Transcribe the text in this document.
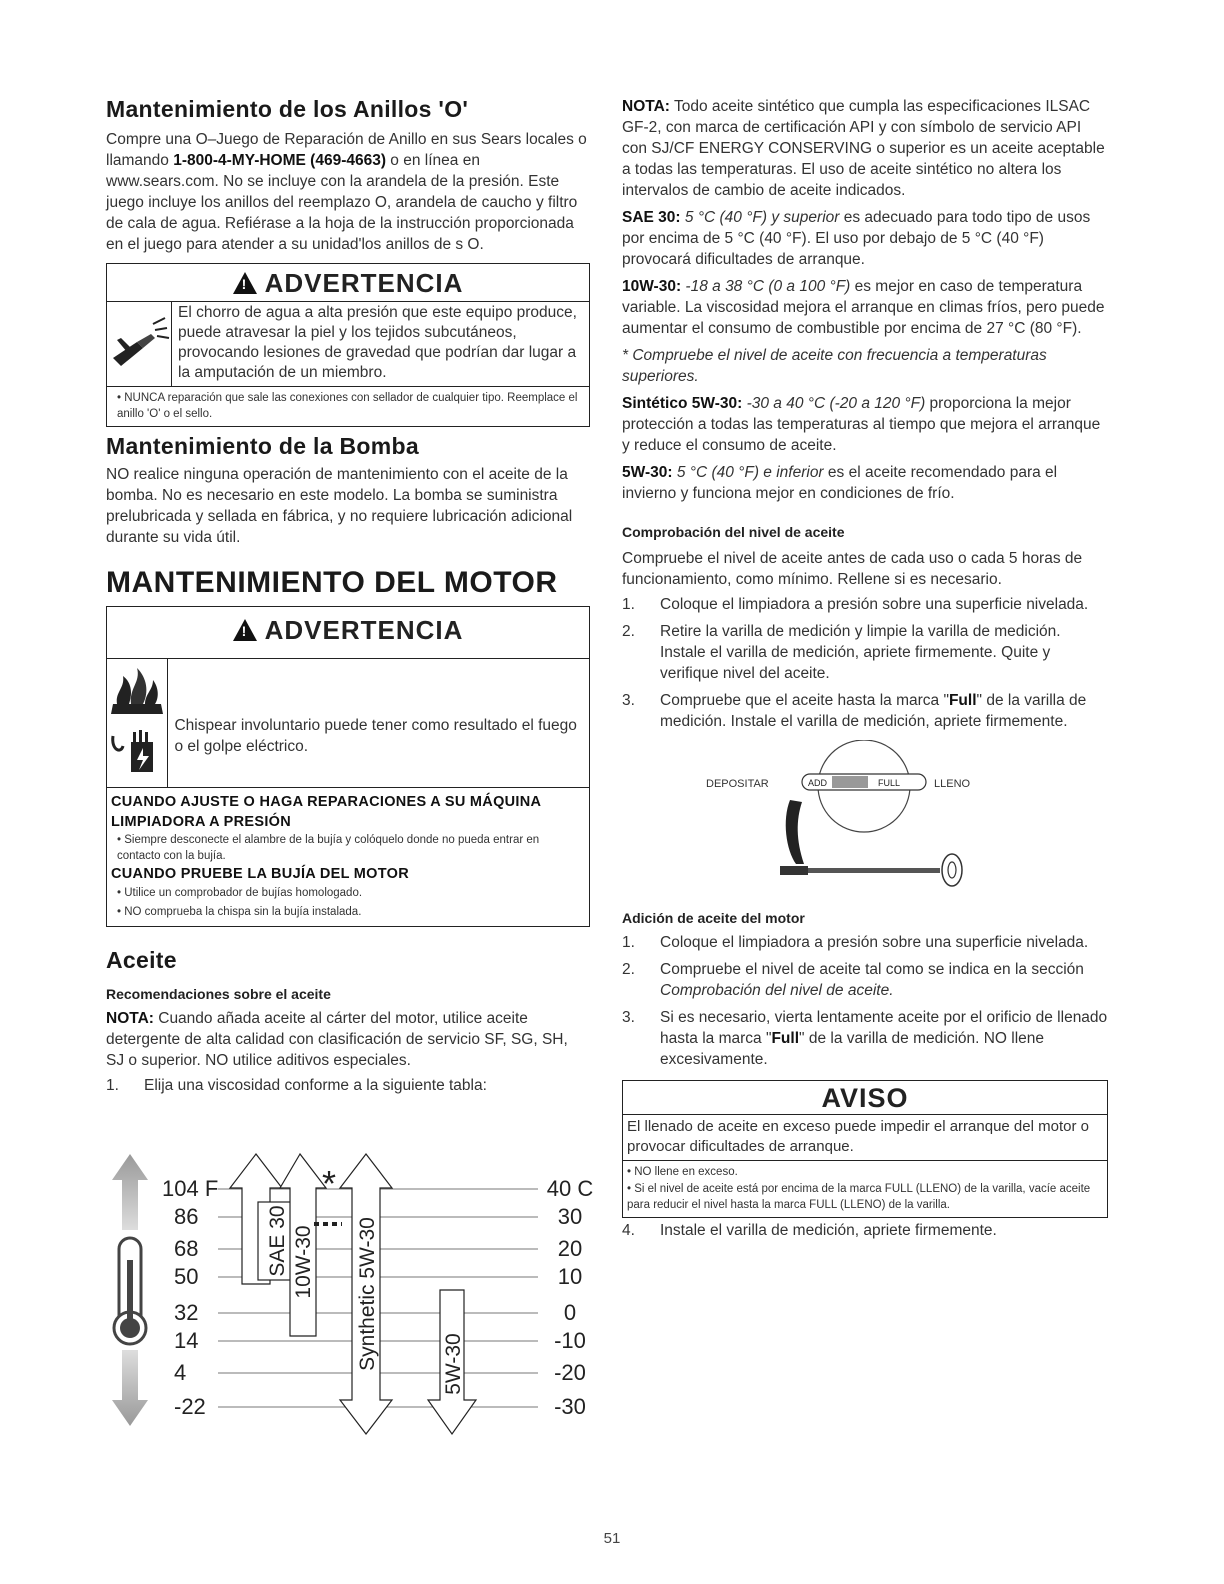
Mantenimiento de los Anillos 'O'

Compre una O–Juego de Reparación de Anillo en sus Sears locales o llamando 1-800-4-MY-HOME (469-4663) o en línea en www.sears.com. No se incluye con la arandela de la presión. Este juego incluye los anillos del reemplazo O, arandela de caucho y filtro de cala de agua. Refiérase a la hoja de la instrucción proporcionada en el juego para atender a su unidad'los anillos de s O.

!ADVERTENCIA

El chorro de agua a alta presión que este equipo produce, puede atravesar la piel y los tejidos subcutáneos, provocando lesiones de gravedad que podrían dar lugar a la amputación de un miembro.

• NUNCA reparación que sale las conexiones con sellador de cualquier tipo. Reemplace el anillo 'O' o el sello.
Mantenimiento de la Bomba

NO realice ninguna operación de mantenimiento con el aceite de la bomba. No es necesario en este modelo. La bomba se suministra prelubricada y sellada en fábrica, y no requiere lubricación adicional durante su vida útil.

MANTENIMIENTO DEL MOTOR
!ADVERTENCIA

Chispear involuntario puede tener como resultado el fuego o el golpe eléctrico.

CUANDO AJUSTE O HAGA REPARACIONES A SU MÁQUINA LIMPIADORA A PRESIÓN
• Siempre desconecte el alambre de la bujía y colóquelo donde no pueda entrar en contacto con la bujía.
CUANDO PRUEBE LA BUJÍA DEL MOTOR
• Utilice un comprobador de bujías homologado.
• NO comprueba la chispa sin la bujía instalada.
Aceite
Recomendaciones sobre el aceite

NOTA: Cuando añada aceite al cárter del motor, utilice aceite detergente de alta calidad con clasificación de servicio SF, SG, SH, SJ o superior. NO utilice aditivos especiales.

1. Elija una viscosidad conforme a la siguiente tabla:
104 F
86
68
50
32
14
4
-22
40 C
30
20
10
0
-10
-20
-30
SAE 30 10W-30 Synthetic 5W-30	5W-30
*

NOTA: Todo aceite sintético que cumpla las especificaciones ILSAC GF-2, con marca de certificación API y con símbolo de servicio API con SJ/CF ENERGY CONSERVING o superior es un aceite aceptable a todas las temperaturas. El uso de aceite sintético no altera los intervalos de cambio de aceite indicados.

SAE 30: 5 °C (40 °F) y superior es adecuado para todo tipo de usos por encima de 5 °C (40 °F). El uso por debajo de 5 °C (40 °F) provocará dificultades de arranque.

10W-30: -18 a 38 °C (0 a 100 °F) es mejor en caso de temperatura variable. La viscosidad mejora el arranque en climas fríos, pero puede aumentar el consumo de combustible por encima de 27 °C (80 °F).

* Compruebe el nivel de aceite con frecuencia a temperaturas superiores.

Sintético 5W-30: -30 a 40 °C (-20 a 120 °F) proporciona la mejor protección a todas las temperaturas al tiempo que mejora el arranque y reduce el consumo de aceite.

5W-30: 5 °C (40 °F) e inferior es el aceite recomendado para el invierno y funciona mejor en condiciones de frío.

Comprobación del nivel de aceite

Compruebe el nivel de aceite antes de cada uso o cada 5 horas de funcionamiento, como mínimo. Rellene si es necesario.

1. Coloque el limpiadora a presión sobre una superficie nivelada.
2. Retire la varilla de medición y limpie la varilla de medición. Instale el varilla de medición, apriete firmemente. Quite y verifique nivel del aceite.
3. Compruebe que el aceite hasta la marca "Full" de la varilla de medición. Instale el varilla de medición, apriete firmemente.
DEPOSITAR	LLENO
ADD	FULL
Adición de aceite del motor
1. Coloque el limpiadora a presión sobre una superficie nivelada.
2. Compruebe el nivel de aceite tal como se indica en la sección Comprobación del nivel de aceite.
3. Si es necesario, vierta lentamente aceite por el orificio de llenado hasta la marca "Full" de la varilla de medición. NO llene excesivamente.
AVISO

El llenado de aceite en exceso puede impedir el arranque del motor o provocar dificultades de arranque.

• NO llene en exceso.
• Si el nivel de aceite está por encima de la marca FULL (LLENO) de la varilla, vacíe aceite para reducir el nivel hasta la marca FULL (LLENO) de la varilla.
4. Instale el varilla de medición, apriete firmemente.
51
